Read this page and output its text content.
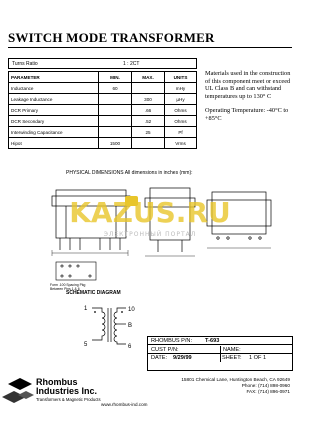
SWITCH MODE TRANSFORMER
Turns Ratio	1 : 2CT
PARAMETER	MIN.	MAX.	UNITS
Inductance	60		mHy
Leakage Inductance		300	µHy
DCR Primary		.66	Ohms
DCR Secondary		.52	Ohms
Interwinding Capacitance		25	Pf
Hipot	1500		Vrms

Materials used in the construction of this component meet or exceed UL Class B and can withstand temperatures up to 130° C

Operating Temperature: -40°C to +85°C

PHYSICAL DIMENSIONS All dimensions in inches (mm):
Form .100 Spacing Pkg
Between Pins 1 & 6
KAZUS.RU
ЭЛЕКТРОННЫЙ ПОРТАЛ
1
5
10
B
6
SCHEMATIC DIAGRAM
RHOMBUS P/N: T-693
CUST P/N:
DATE: 9/29/99	SHEET: 1 OF 1
NAME:
Rhombus
Industries Inc.
Transformers & Magnetic Products
15801 Chemical Lane, Huntington Beach, CA 92649
Phone: (714) 898-0960
FAX: (714) 896-0971
www.rhombus-ind.com
